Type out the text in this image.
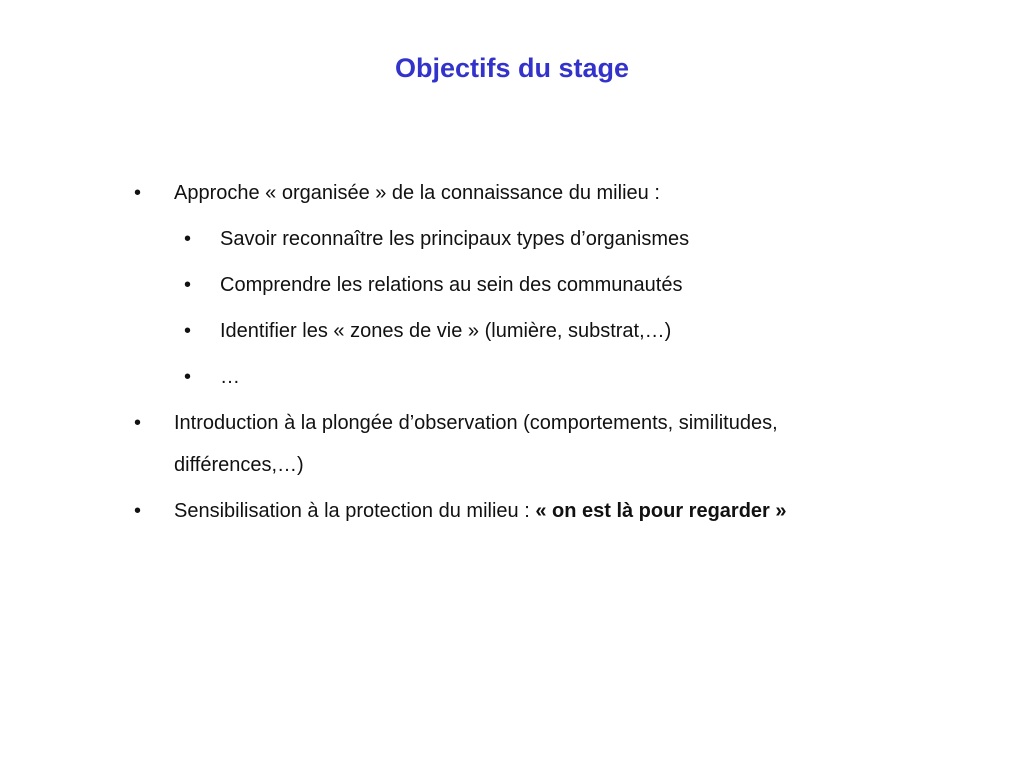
Objectifs du stage
•	Approche « organisée » de la connaissance du milieu :
•	Savoir reconnaître les principaux types d’organismes
•	Comprendre les relations au sein des communautés
•	Identifier les « zones de vie » (lumière, substrat,…)
•	…
•	Introduction à la plongée d’observation (comportements, similitudes, différences,…)
•	Sensibilisation à la protection du milieu : « on est là pour regarder »
